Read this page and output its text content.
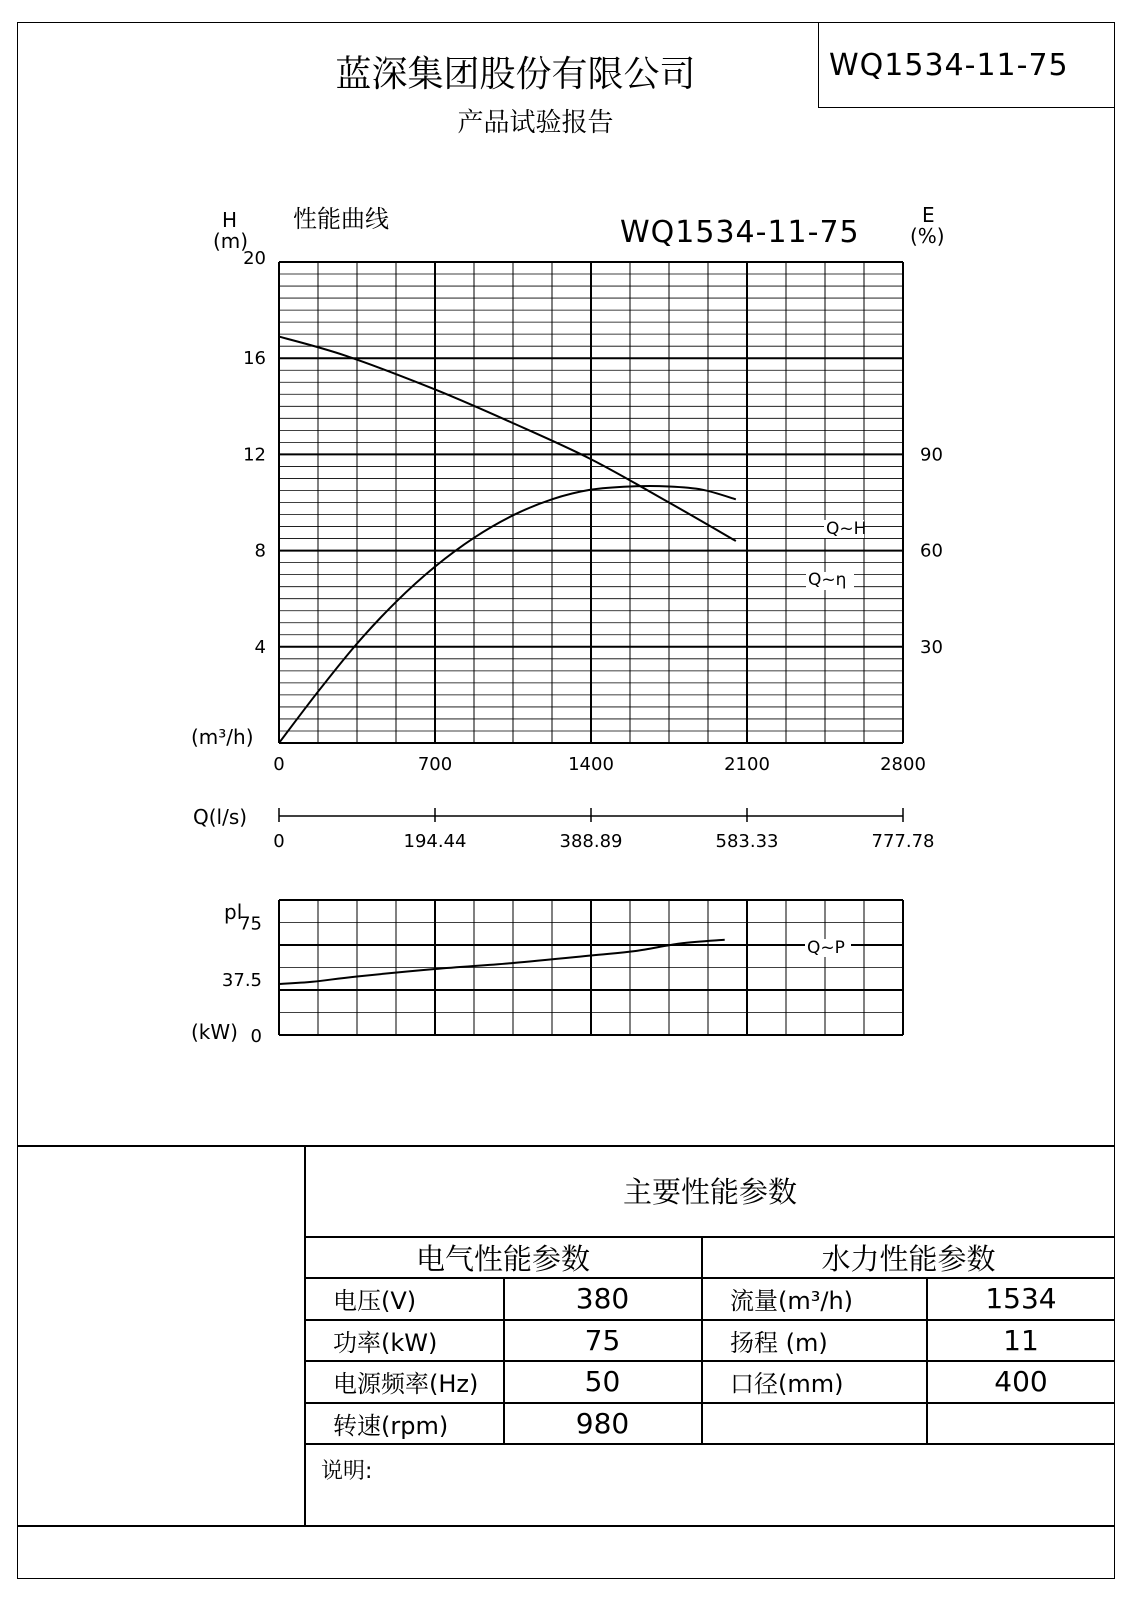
WQ1534-11-75
蓝深集团股份有限公司
产品试验报告
性能曲线	WQ1534-11-75
H
(m)
E
(%)
(m³/h)
0	700	1400	2100	2800
20
16
12
8
4
90
60
30
Q~H
Q~η
Q(l/s)
0	194.44	388.89	583.33	777.78
pl
(kW)
75
37.5
0
Q~P
主要性能参数
电气性能参数	水力性能参数
电压(V)	380	流量(m³/h)	1534
功率(kW)	75	扬程 (m)	11
电源频率(Hz)	50	口径(mm)	400
转速(rpm)	980
说明:
